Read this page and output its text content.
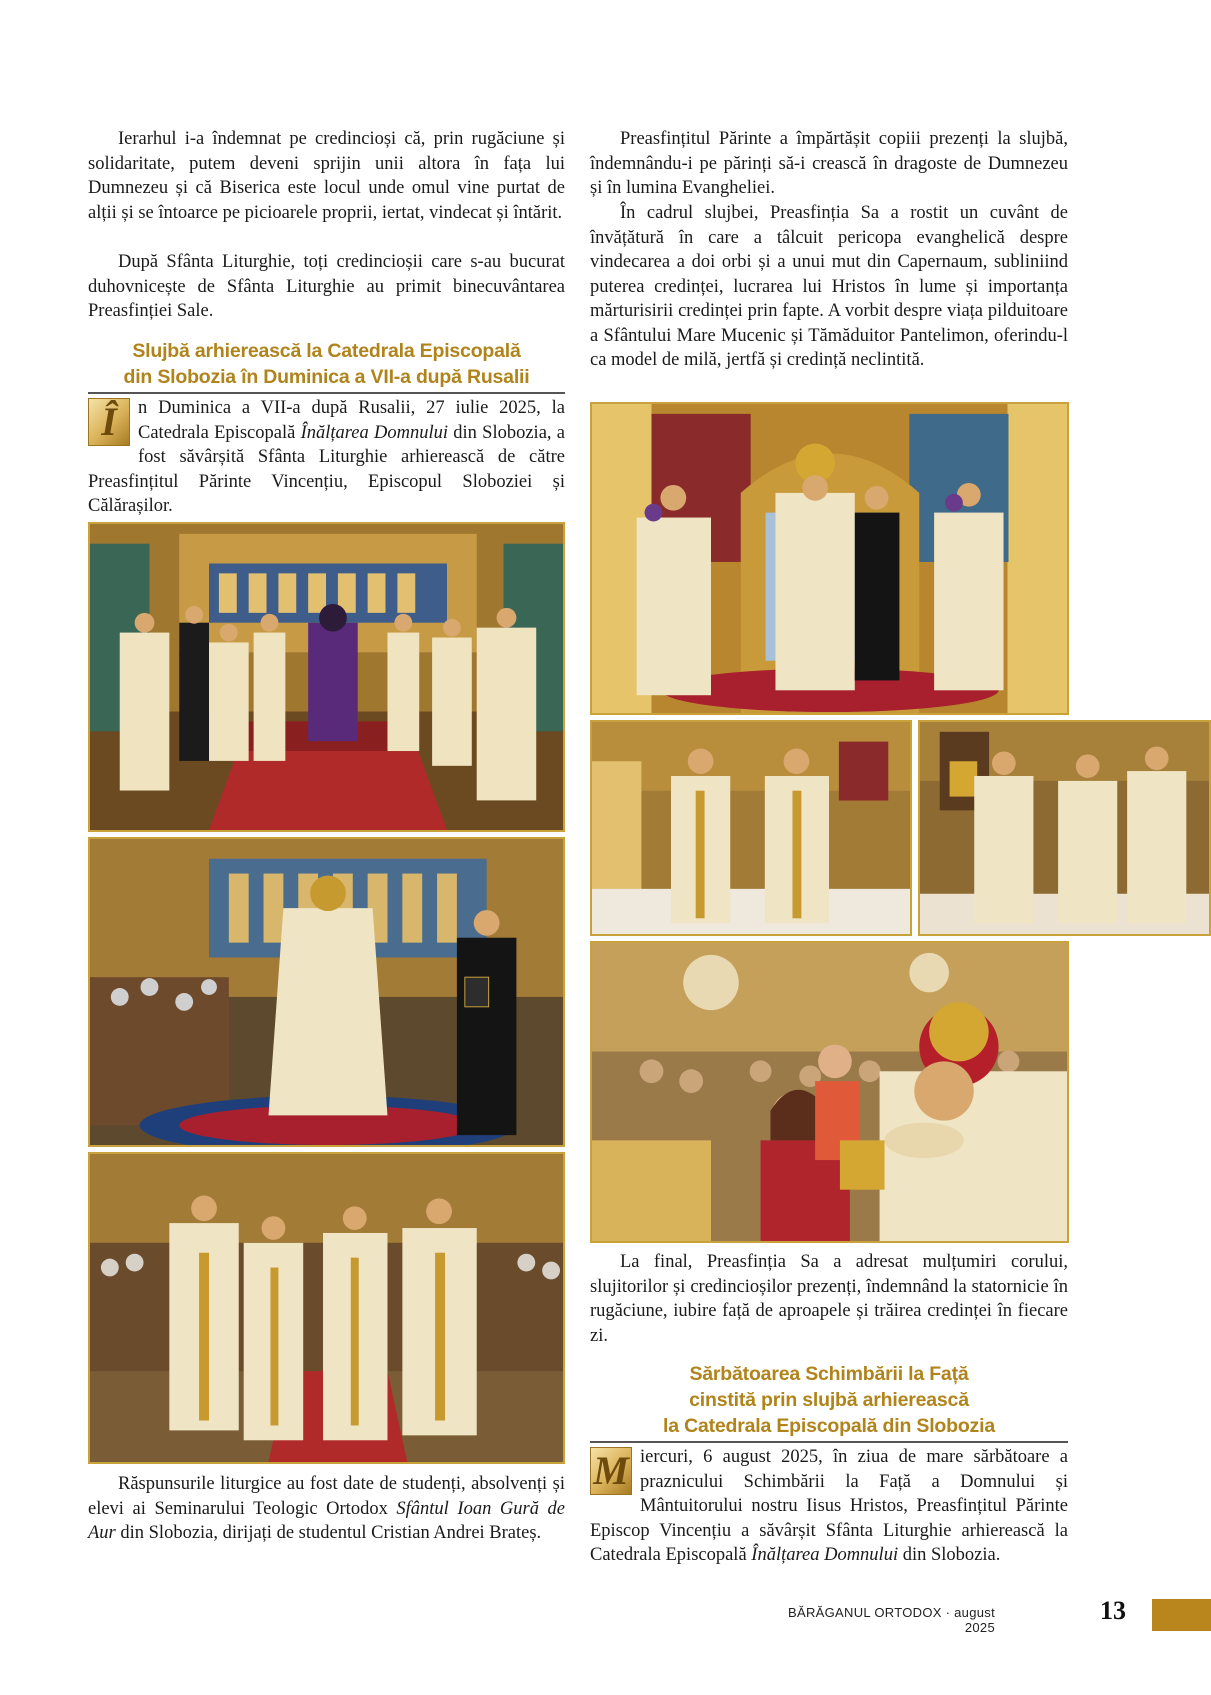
Ierarhul i-a îndemnat pe credincioși că, prin rugăciune și solidaritate, putem deveni sprijin unii altora în fața lui Dumnezeu și că Biserica este locul unde omul vine purtat de alții și se întoarce pe picioarele proprii, iertat, vindecat și întărit.

După Sfânta Liturghie, toți credincioșii care s-au bucurat duhovnicește de Sfânta Liturghie au primit binecuvântarea Preasfinției Sale.

Slujbă arhierească la Catedrala Episcopală
din Slobozia în Duminica a VII-a după Rusalii

Î	n Duminica a VII-a după Rusalii, 27 iulie 2025, la Catedrala Episcopală Înălțarea Domnului din Slobozia, a fost săvârșită Sfânta Liturghie arhierească de către Preasfințitul Părinte Vincențiu, Episcopul Sloboziei și Călărașilor.

Răspunsurile liturgice au fost date de studenți, absolvenți și elevi ai Seminarului Teologic Ortodox Sfântul Ioan Gură de Aur din Slobozia, dirijați de studentul Cristian Andrei Brateș.

Preasfințitul Părinte a împărtășit copiii prezenți la slujbă, îndemnându-i pe părinți să-i crească în dragoste de Dumnezeu și în lumina Evangheliei.

În cadrul slujbei, Preasfinția Sa a rostit un cuvânt de învățătură în care a tâlcuit pericopa evanghelică despre vindecarea a doi orbi și a unui mut din Capernaum, subliniind puterea credinței, lucrarea lui Hristos în lume și importanța mărturisirii credinței prin fapte. A vorbit despre viața pilduitoare a Sfântului Mare Mucenic și Tămăduitor Pantelimon, oferindu-l ca model de milă, jertfă și credință neclintită.

La final, Preasfinția Sa a adresat mulțumiri corului, slujitorilor și credincioșilor prezenți, îndemnând la statornicie în rugăciune, iubire față de aproapele și trăirea credinței în fiecare zi.

Sărbătoarea Schimbării la Față
cinstită prin slujbă arhierească
la Catedrala Episcopală din Slobozia

M iercuri, 6 august 2025, în ziua de mare sărbătoare a praznicului Schimbării la Față a Domnului și Mântuitorului nostru Iisus Hristos, Preasfințitul Părinte Episcop Vincențiu a săvârșit Sfânta Liturghie arhierească la Catedrala Episcopală Înălțarea Domnului din Slobozia.

BĂRĂGANUL ORTODOX · august 2025
13
